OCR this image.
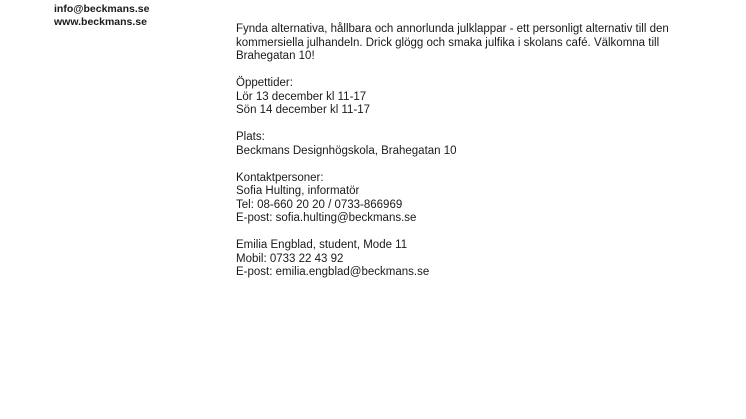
info@beckmans.se
www.beckmans.se

Fynda alternativa, hållbara och annorlunda julklappar - ett personligt alternativ till den kommersiella julhandeln. Drick glögg och smaka julfika i skolans café. Välkomna till Brahegatan 10!

Öppettider:
Lör 13 december kl 11-17
Sön 14 december kl 11-17

Plats:
Beckmans Designhögskola, Brahegatan 10

Kontaktpersoner:
Sofia Hulting, informatör
Tel: 08-660 20 20 / 0733-866969
E-post: sofia.hulting@beckmans.se

Emilia Engblad, student, Mode 11
Mobil: 0733 22 43 92
E-post: emilia.engblad@beckmans.se
